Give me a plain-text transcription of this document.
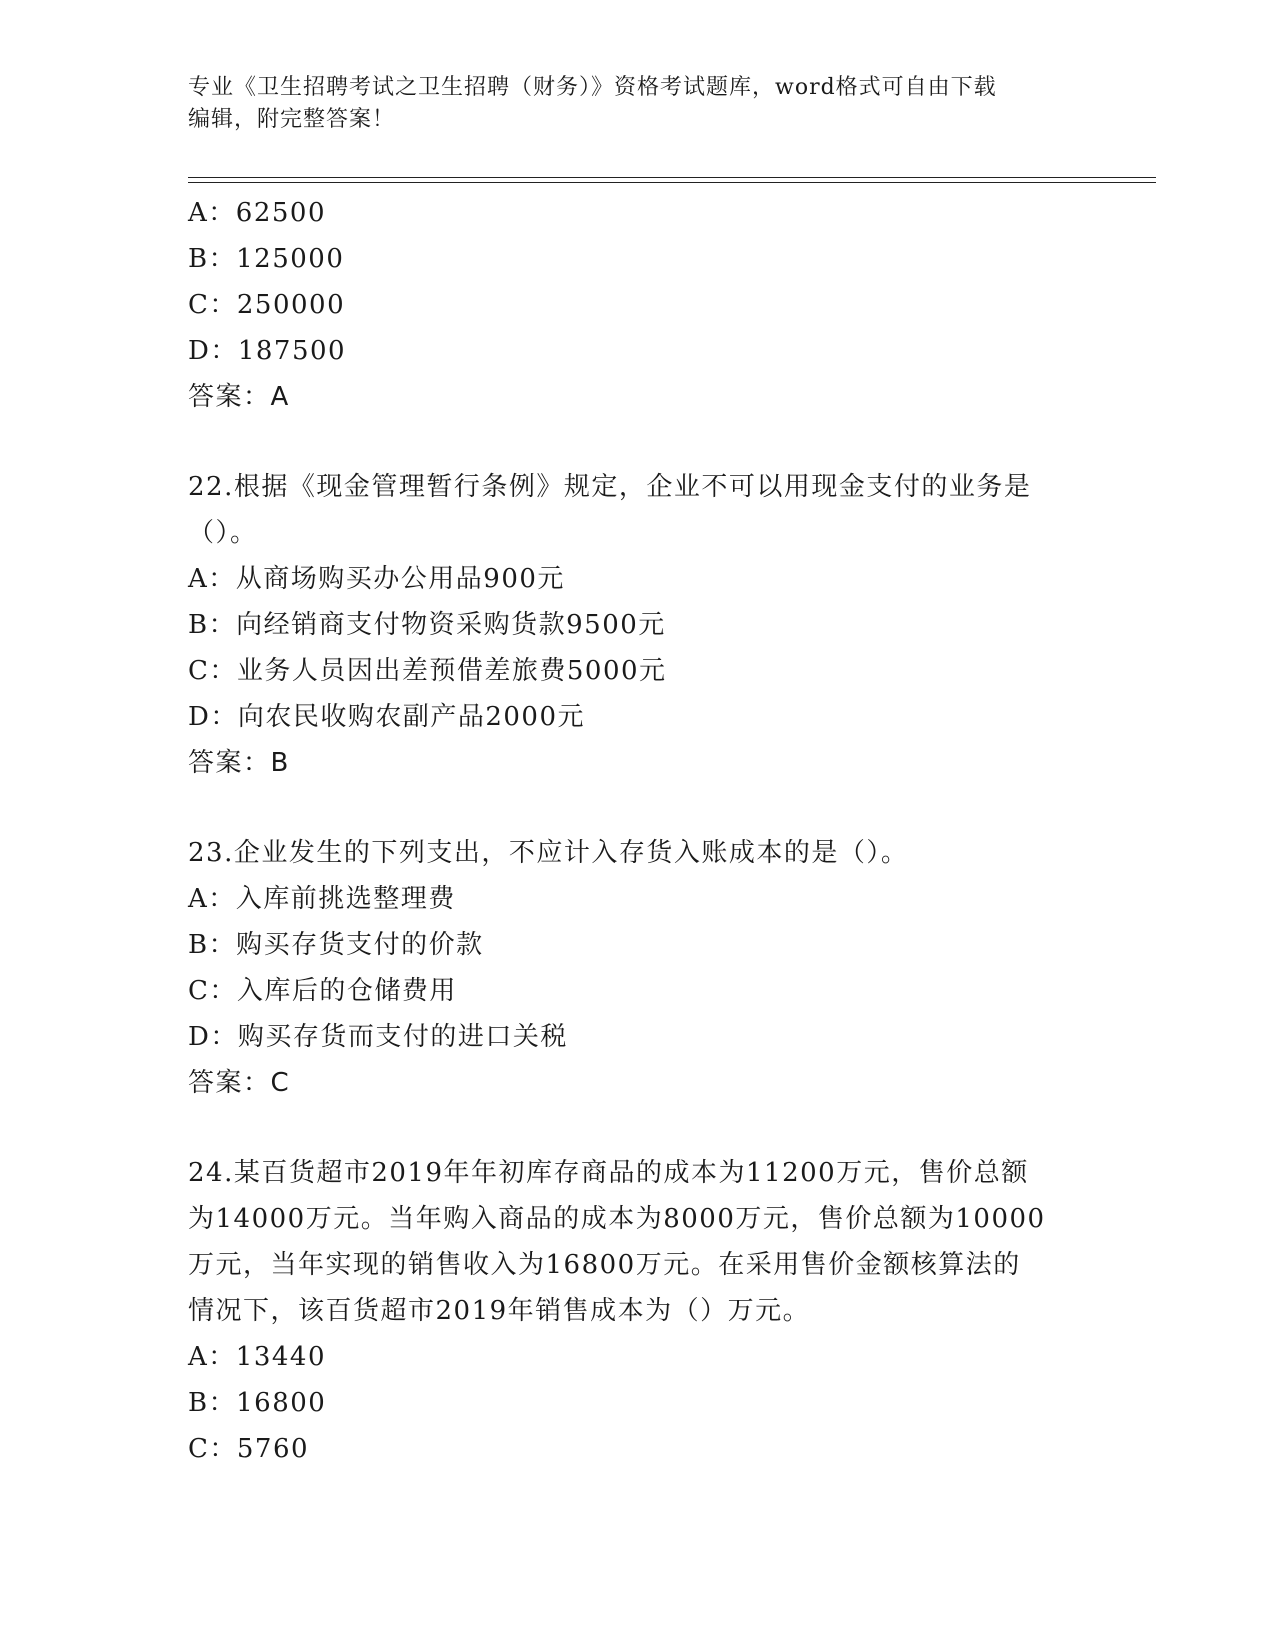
专业《卫生招聘考试之卫生招聘（财务）》资格考试题库，word格式可自由下载
编辑，附完整答案！
A：62500
B：125000
C：250000
D：187500
答案：A
22.根据《现金管理暂行条例》规定，企业不可以用现金支付的业务是
（）。
A：从商场购买办公用品900元
B：向经销商支付物资采购货款9500元
C：业务人员因出差预借差旅费5000元
D：向农民收购农副产品2000元
答案：B
23.企业发生的下列支出，不应计入存货入账成本的是（）。
A：入库前挑选整理费
B：购买存货支付的价款
C：入库后的仓储费用
D：购买存货而支付的进口关税
答案：C
24.某百货超市2019年年初库存商品的成本为11200万元，售价总额
为14000万元。当年购入商品的成本为8000万元，售价总额为10000
万元，当年实现的销售收入为16800万元。在采用售价金额核算法的
情况下，该百货超市2019年销售成本为（）万元。
A：13440
B：16800
C：5760
